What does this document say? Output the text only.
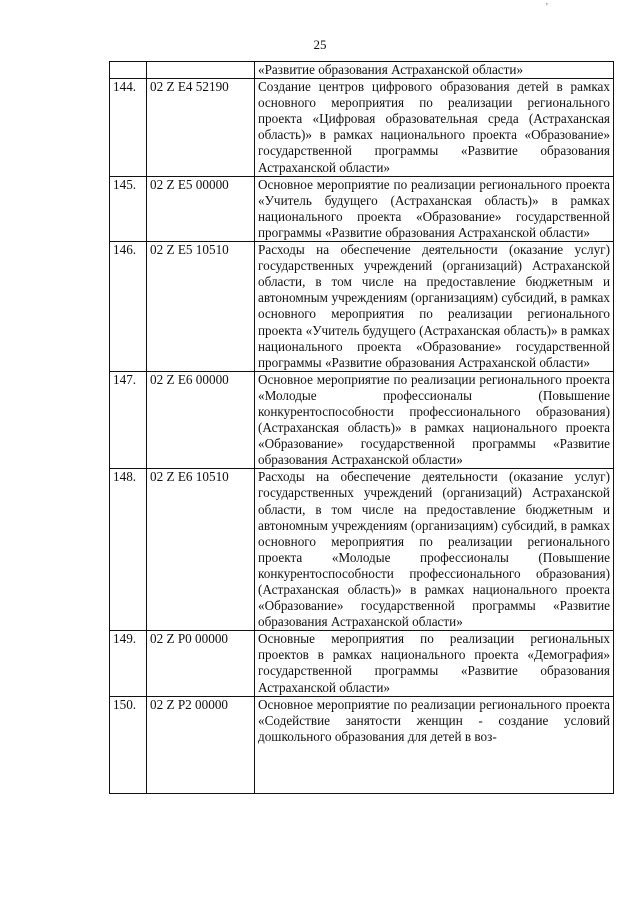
'
25
		«Развитие образования Астраханской области»
144.	02 Z E4 52190	Создание центров цифрового образования детей в рамках основного мероприятия по реализации регионального проекта «Цифровая образовательная среда (Астраханская область)» в рамках национального проекта «Образование» государственной программы «Развитие образования Астраханской области»
145.	02 Z E5 00000	Основное мероприятие по реализации регионального проекта «Учитель будущего (Астраханская область)» в рамках национального проекта «Образование» государственной программы «Развитие образования Астраханской области»
146.	02 Z E5 10510	Расходы на обеспечение деятельности (оказание услуг) государственных учреждений (организаций) Астраханской области, в том числе на предоставление бюджетным и автономным учреждениям (организациям) субсидий, в рамках основного мероприятия по реализации регионального проекта «Учитель будущего (Астраханская область)» в рамках национального проекта «Образование» государственной программы «Развитие образования Астраханской области»
147.	02 Z E6 00000	Основное мероприятие по реализации регионального проекта «Молодые профессионалы (Повышение конкурентоспособности профессионального образования) (Астраханская область)» в рамках национального проекта «Образование» государственной программы «Развитие образования Астраханской области»
148.	02 Z E6 10510	Расходы на обеспечение деятельности (оказание услуг) государственных учреждений (организаций) Астраханской области, в том числе на предоставление бюджетным и автономным учреждениям (организациям) субсидий, в рамках основного мероприятия по реализации регионального проекта «Молодые профессионалы (Повышение конкурентоспособности профессионального образования) (Астраханская область)» в рамках национального проекта «Образование» государственной программы «Развитие образования Астраханской области»
149.	02 Z P0 00000	Основные мероприятия по реализации региональных проектов в рамках национального проекта «Демография» государственной программы «Развитие образования Астраханской области»
150.	02 Z P2 00000	Основное мероприятие по реализации регионального проекта «Содействие занятости женщин - создание условий дошкольного образования для детей в воз-
